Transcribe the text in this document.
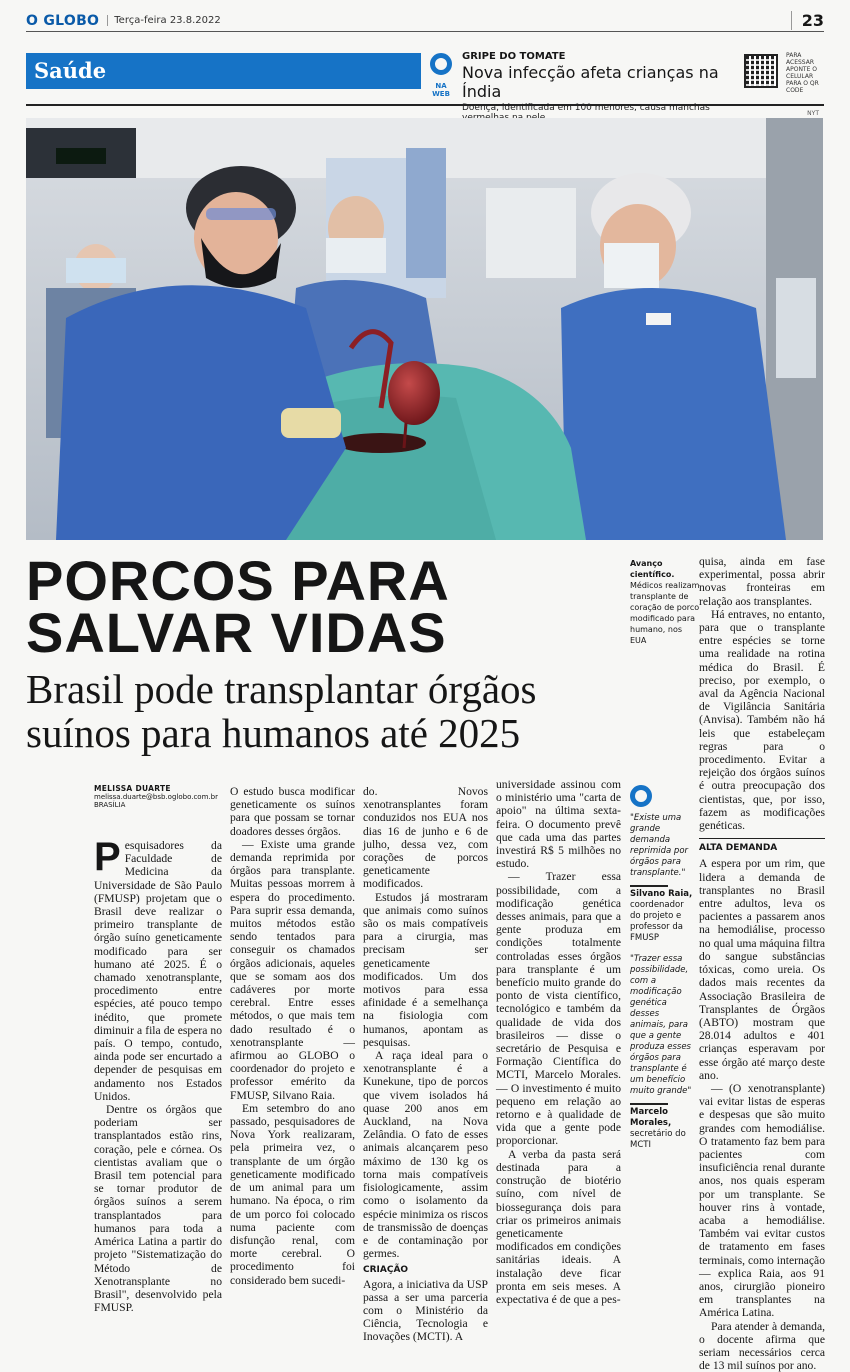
O GLOBO	Terça-feira 23.8.2022	23
Saúde
NA WEB
GRIPE DO TOMATE
Nova infecção afeta crianças na Índia
Doença, identificada em 100 menores, causa manchas
PARA ACESSAR APONTE O CELULAR PARA O QR CODE
NYT
PORCOS PARA SALVAR VIDAS
Brasil pode transplantar órgãos suínos para humanos até 2025
Avanço científico.
Médicos realizam transplante de coração de porco modificado para humano, nos EUA
MELISSA DUARTE
melissa.duarte@bsb.oglobo.com.br
BRASÍLIA

Pesquisadores da Faculdade de Medicina da Universidade de São Paulo (FMUSP) projetam que o Brasil deve realizar o primeiro transplante de órgão suíno geneticamente modificado para ser humano até 2025. É o chamado xenotransplante, procedimento entre espécies, até pouco tempo inédito, que promete diminuir a fila de espera no país. O tempo, contudo, ainda pode ser encurtado a depender de pesquisas em andamento nos Estados Unidos.

Dentre os órgãos que poderiam ser transplantados estão rins, coração, pele e córnea. Os cientistas avaliam que o Brasil tem potencial para se tornar produtor de órgãos suínos a serem transplantados para humanos para toda a América Latina a partir do projeto "Sistematização do Método de Xenotransplante no Brasil", desenvolvido pela FMUSP.

O estudo busca modificar geneticamente os suínos para que possam se tornar doadores desses órgãos.

— Existe uma grande demanda reprimida por órgãos para transplante. Muitas pessoas morrem à espera do procedimento. Para suprir essa demanda, muitos métodos estão sendo tentados para conseguir os chamados órgãos adicionais, aqueles que se somam aos dos cadáveres por morte cerebral. Entre esses métodos, o que mais tem dado resultado é o xenotransplante — afirmou ao GLOBO o coordenador do projeto e professor emérito da FMUSP, Silvano Raia.

Em setembro do ano passado, pesquisadores de Nova York realizaram, pela primeira vez, o transplante de um órgão geneticamente modificado de um animal para um humano. Na época, o rim de um porco foi colocado numa paciente com disfunção renal, com morte cerebral. O procedimento foi considerado bem sucedi-

do. Novos xenotransplantes foram conduzidos nos EUA nos dias 16 de junho e 6 de julho, dessa vez, com corações de porcos geneticamente modificados.

Estudos já mostraram que animais como suínos são os mais compatíveis para a cirurgia, mas precisam ser geneticamente modificados. Um dos motivos para essa afinidade é a semelhança na fisiologia com humanos, apontam as pesquisas.

A raça ideal para o xenotransplante é a Kunekune, tipo de porcos que vivem isolados há quase 200 anos em Auckland, na Nova Zelândia. O fato de esses animais alcançarem peso máximo de 130 kg os torna mais compatíveis fisiologicamente, assim como o isolamento da espécie minimiza os riscos de transmissão de doenças e de contaminação por germes.

CRIAÇÃO

Agora, a iniciativa da USP passa a ser uma parceria com o Ministério da Ciência, Tecnologia e Inovações (MCTI). A

universidade assinou com o ministério uma "carta de apoio" na última sexta-feira. O documento prevê que cada uma das partes investirá R$ 5 milhões no estudo.

— Trazer essa possibilidade, com a modificação genética desses animais, para que a gente produza em condições totalmente controladas esses órgãos para transplante é um benefício muito grande do ponto de vista científico, tecnológico e também da qualidade de vida dos brasileiros — disse o secretário de Pesquisa e Formação Científica do MCTI, Marcelo Morales. — O investimento é muito pequeno em relação ao retorno e à qualidade de vida que a gente pode proporcionar.

A verba da pasta será destinada para a construção de biotério suíno, com nível de biossegurança dois para criar os primeiros animais geneticamente modificados em condições sanitárias ideais. A instalação deve ficar pronta em seis meses. A expectativa é de que a pes-

"Existe uma grande demanda reprimida por órgãos para transplante."
Silvano Raia,
coordenador do projeto e professor da FMUSP
"Trazer essa possibilidade, com a modificação genética desses animais, para que a gente produza esses órgãos para transplante é um benefício muito grande"
Marcelo Morales,
secretário do MCTI

quisa, ainda em fase experimental, possa abrir novas fronteiras em relação aos transplantes.

Há entraves, no entanto, para que o transplante entre espécies se torne uma realidade na rotina médica do Brasil. É preciso, por exemplo, o aval da Agência Nacional de Vigilância Sanitária (Anvisa). Também não há leis que estabeleçam regras para o procedimento. Evitar a rejeição dos órgãos suínos é outra preocupação dos cientistas, que, por isso, fazem as modificações genéticas.

ALTA DEMANDA

A espera por um rim, que lidera a demanda de transplantes no Brasil entre adultos, leva os pacientes a passarem anos na hemodiálise, processo no qual uma máquina filtra do sangue substâncias tóxicas, como ureia. Os dados mais recentes da Associação Brasileira de Transplantes de Órgãos (ABTO) mostram que 28.014 adultos e 401 crianças esperavam por esse órgão até março deste ano.

— (O xenotransplante) vai evitar listas de esperas e despesas que são muito grandes com hemodiálise. O tratamento faz bem para pacientes com insuficiência renal durante anos, nos quais esperam por um transplante. Se houver rins à vontade, acaba a hemodiálise. Também vai evitar custos de tratamento em fases terminais, como internação — explica Raia, aos 91 anos, cirurgião pioneiro em transplantes na América Latina.

Para atender à demanda, o docente afirma que seriam necessários cerca de 13 mil suínos por ano.
